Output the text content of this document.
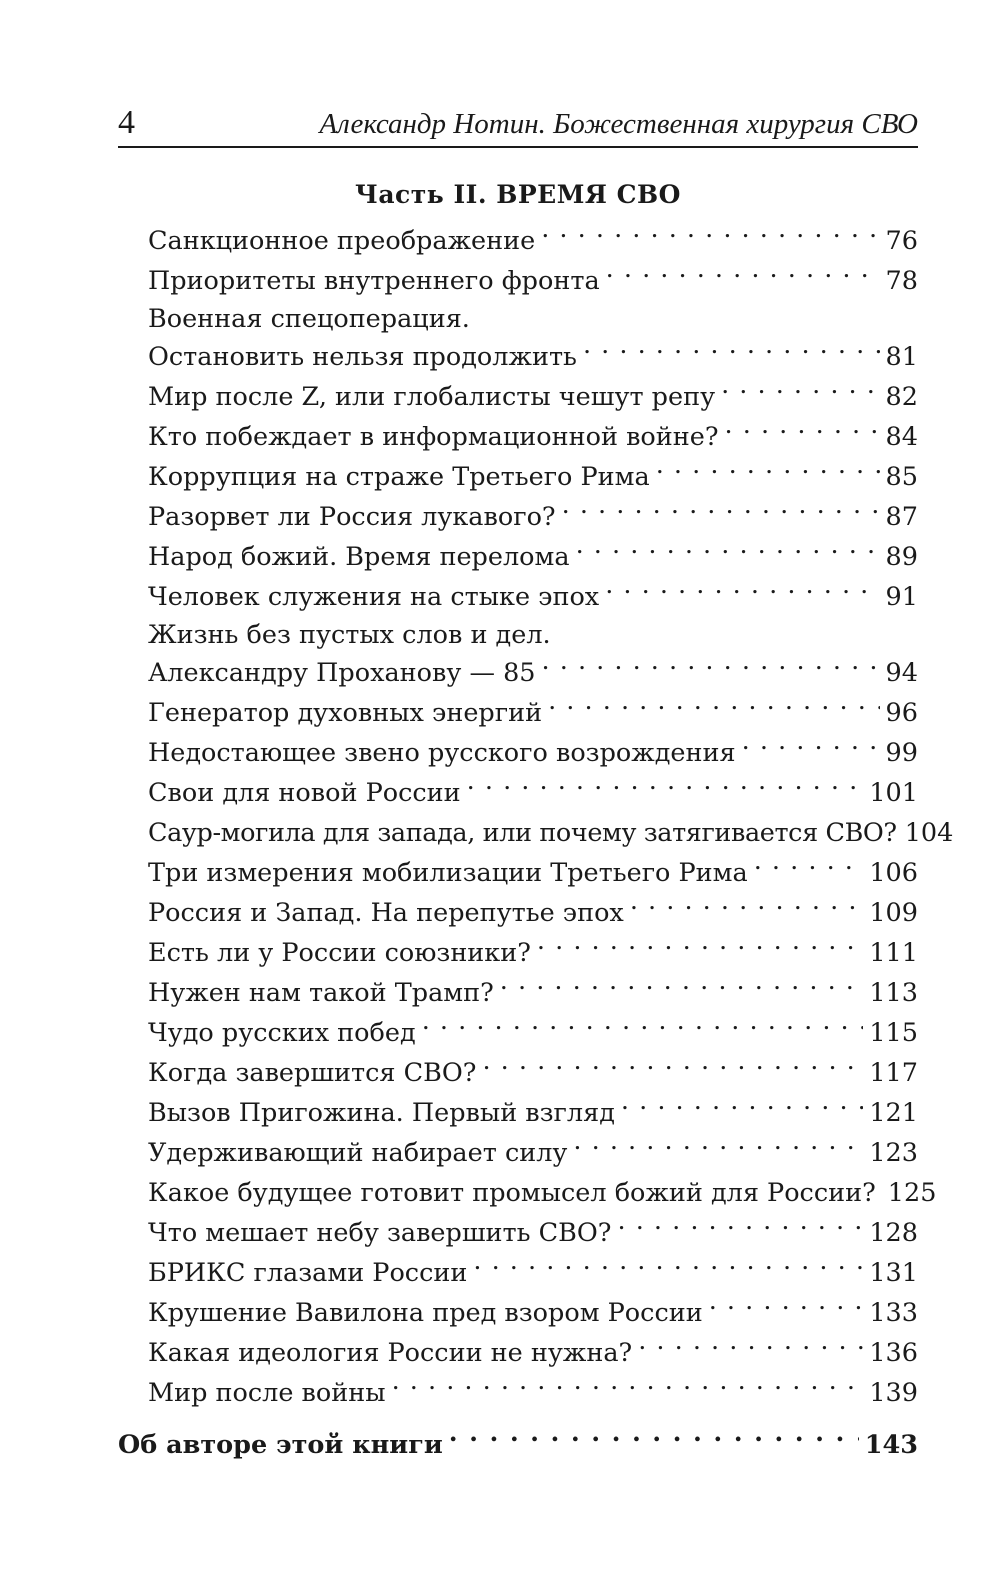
4	Александр Нотин. Божественная хирургия СВО
Часть II. ВРЕМЯ СВО
Санкционное преображение . . .	76
Приоритеты внутреннего фронта . . .	78
Военная спецоперация.
Остановить нельзя продолжить . . .	81
Мир после Z, или глобалисты чешут репу . . .	82
Кто побеждает в информационной войне? . . .	84
Коррупция на страже Третьего Рима . . .	85
Разорвет ли Россия лукавого? . . .	87
Народ божий. Время перелома . . .	89
Человек служения на стыке эпох . . .	91
Жизнь без пустых слов и дел.
Александру Проханову — 85 . . .	94
Генератор духовных энергий . . .	96
Недостающее звено русского возрождения . . .	99
Свои для новой России . . .	101
Саур-могила для запада, или почему затягивается СВО? 104
Три измерения мобилизации Третьего Рима . . .	106
Россия и Запад. На перепутье эпох . . .	109
Есть ли у России союзники? . . .	111
Нужен нам такой Трамп? . . .	113
Чудо русских побед . . .	115
Когда завершится СВО? . . .	117
Вызов Пригожина. Первый взгляд . . .	121
Удерживающий набирает силу . . .	123
Какое будущее готовит промысел божий для России? 125
Что мешает небу завершить СВО? . . .	128
БРИКС глазами России . . .	131
Крушение Вавилона пред взором России . . .	133
Какая идеология России не нужна? . . .	136
Мир после войны . . .	139
Об авторе этой книги . . .	143
